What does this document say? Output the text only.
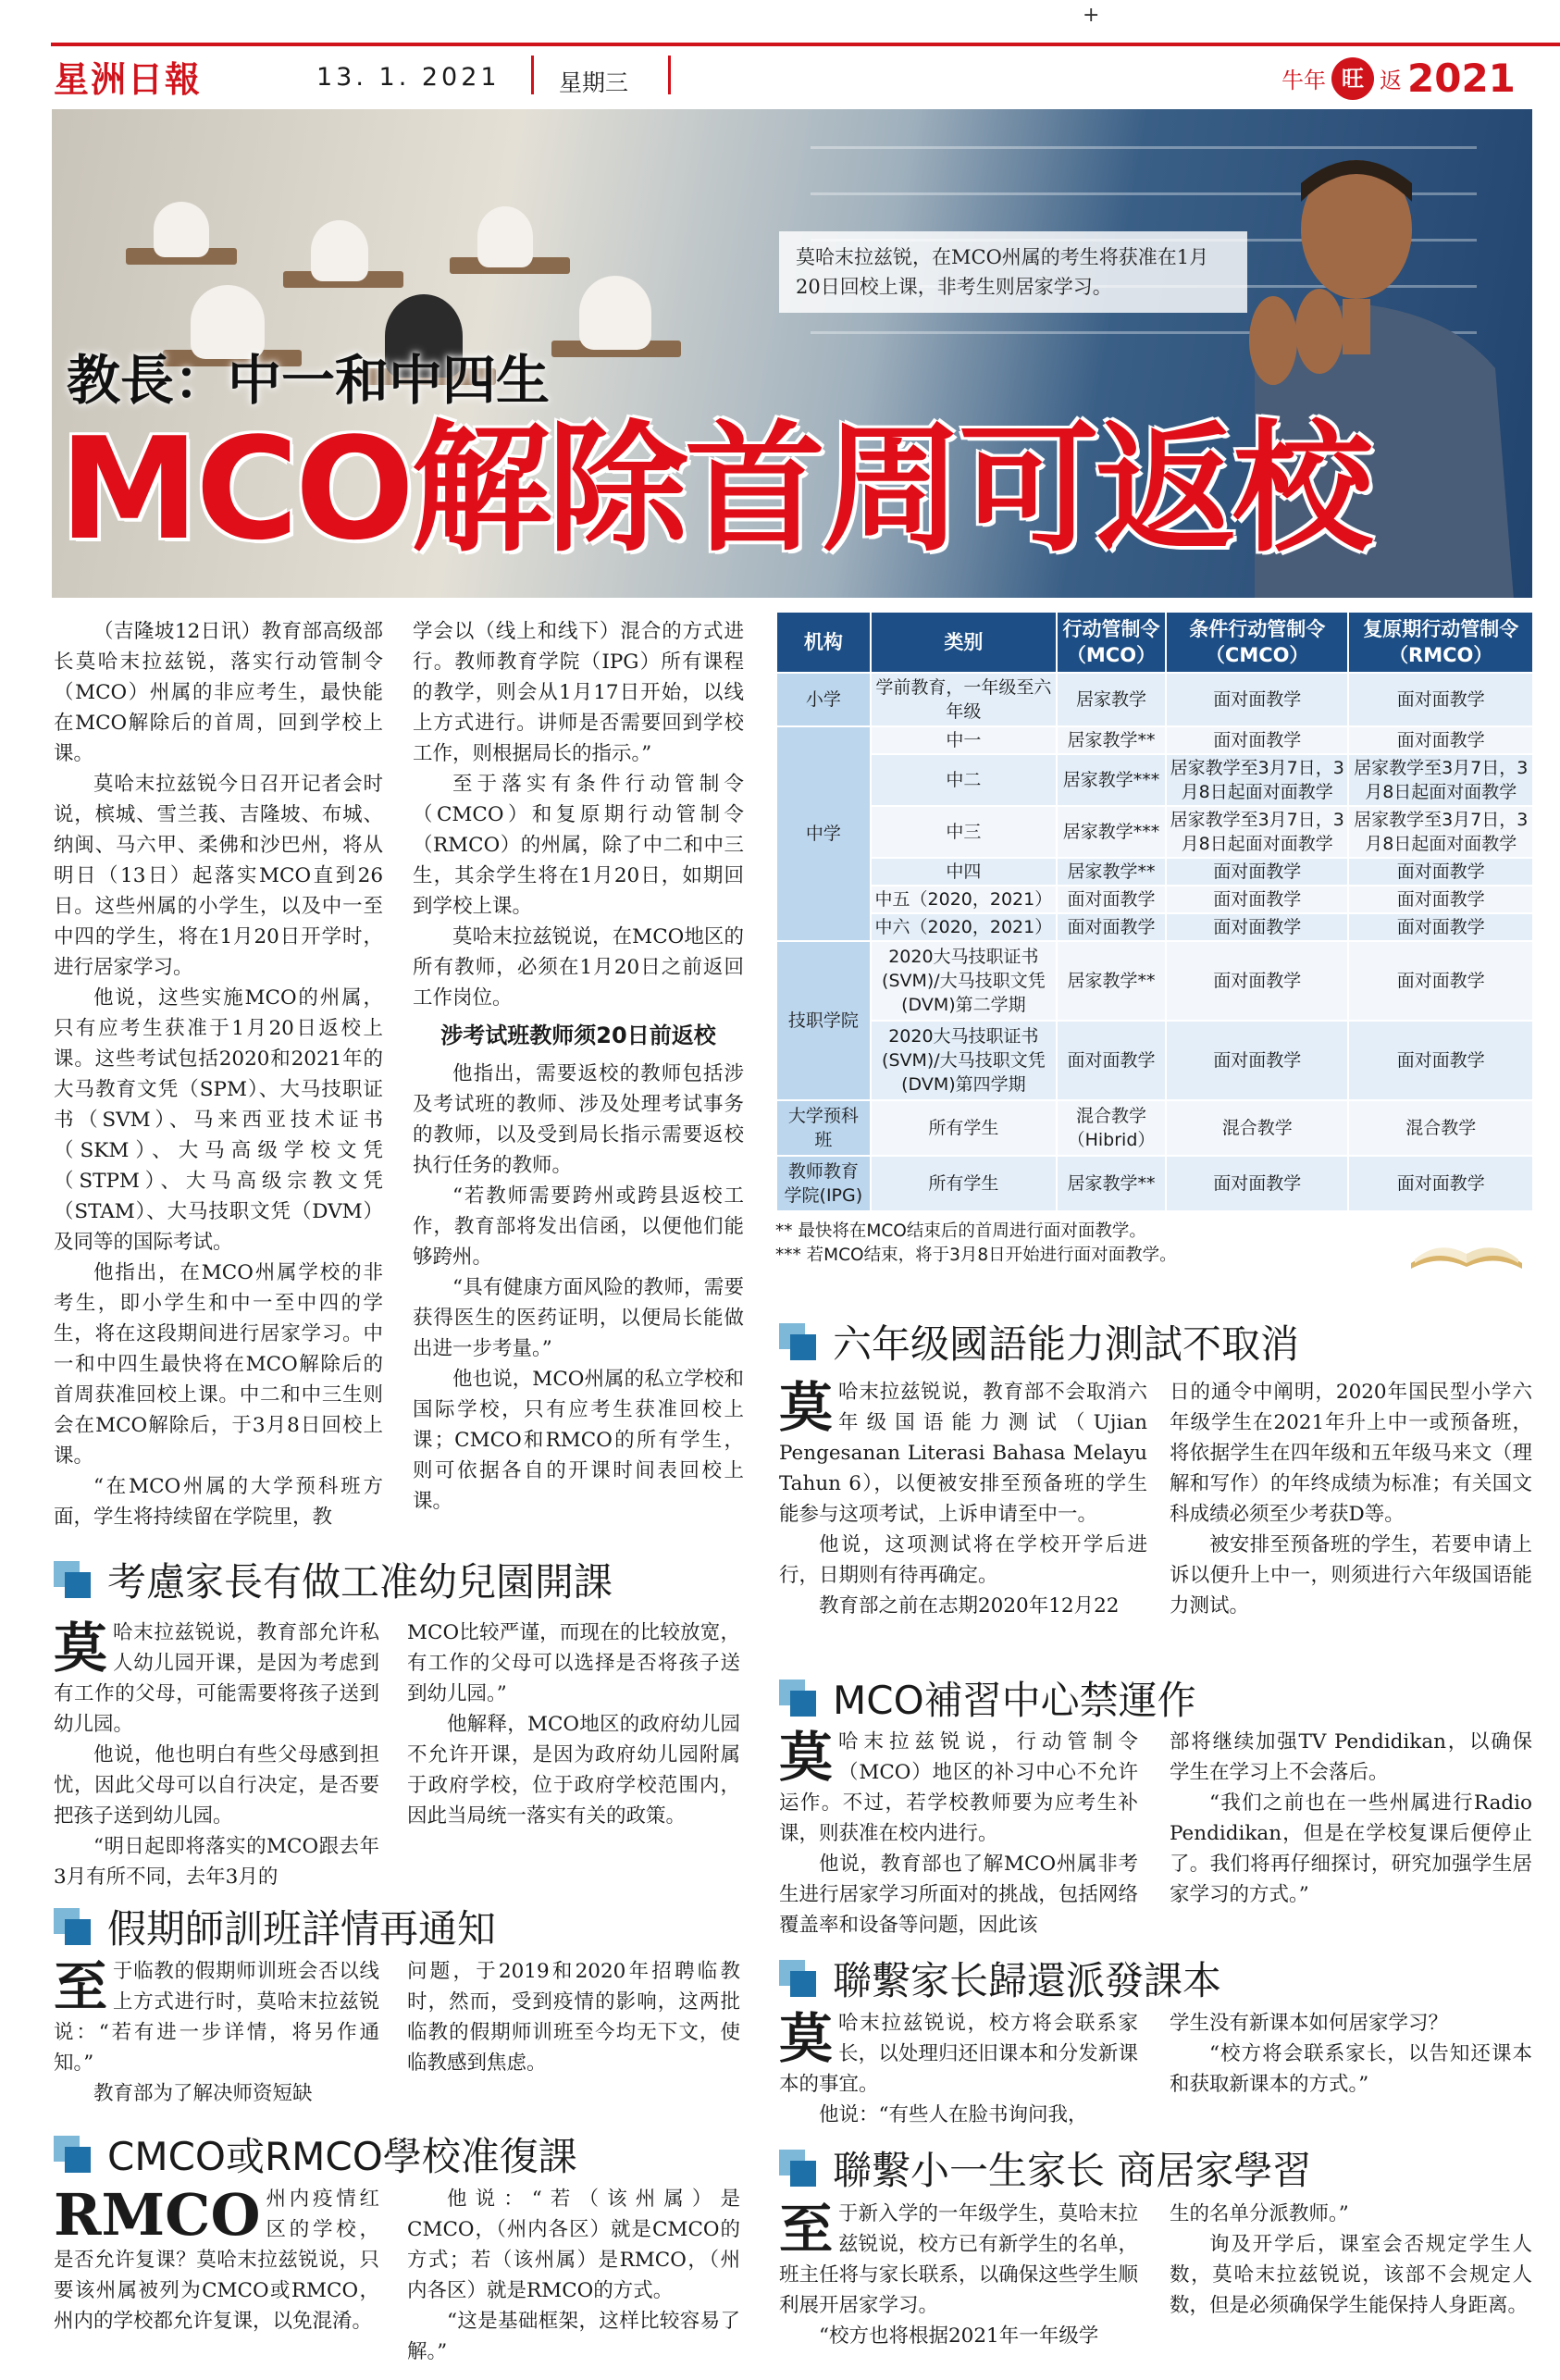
+
星洲日報	13. 1. 2021	星期三	牛年 旺 返 2021
莫哈末拉兹锐，在MCO州属的考生将获准在1月20日回校上课，非考生则居家学习。
教長：中一和中四生
MCO解除首周可返校

（吉隆坡12日讯）教育部高级部长莫哈末拉兹锐，落实行动管制令（MCO）州属的非应考生，最快能在MCO解除后的首周，回到学校上课。

莫哈末拉兹锐今日召开记者会时说，槟城、雪兰莪、吉隆坡、布城、纳闽、马六甲、柔佛和沙巴州，将从明日（13日）起落实MCO直到26日。这些州属的小学生，以及中一至中四的学生，将在1月20日开学时，进行居家学习。

他说，这些实施MCO的州属，只有应考生获准于1月20日返校上课。这些考试包括2020和2021年的大马教育文凭（SPM）、大马技职证书（SVM）、马来西亚技术证书（SKM）、大马高级学校文凭（STPM）、大马高级宗教文凭（STAM）、大马技职文凭（DVM）及同等的国际考试。

他指出，在MCO州属学校的非考生，即小学生和中一至中四的学生，将在这段期间进行居家学习。中一和中四生最快将在MCO解除后的首周获准回校上课。中二和中三生则会在MCO解除后，于3月8日回校上课。

“在MCO州属的大学预科班方面，学生将持续留在学院里，教

学会以（线上和线下）混合的方式进行。教师教育学院（IPG）所有课程的教学，则会从1月17日开始，以线上方式进行。讲师是否需要回到学校工作，则根据局长的指示。”

至于落实有条件行动管制令（CMCO）和复原期行动管制令（RMCO）的州属，除了中二和中三生，其余学生将在1月20日，如期回到学校上课。

莫哈末拉兹锐说，在MCO地区的所有教师，必须在1月20日之前返回工作岗位。

涉考试班教师须20日前返校

他指出，需要返校的教师包括涉及考试班的教师、涉及处理考试事务的教师，以及受到局长指示需要返校执行任务的教师。

“若教师需要跨州或跨县返校工作，教育部将发出信函，以便他们能够跨州。

“具有健康方面风险的教师，需要获得医生的医药证明，以便局长能做出进一步考量。”

他也说，MCO州属的私立学校和国际学校，只有应考生获准回校上课；CMCO和RMCO的所有学生，则可依据各自的开课时间表回校上课。

机构	类别	行动管制令（MCO）	条件行动管制令（CMCO）	复原期行动管制令（RMCO）
小学	学前教育，一年级至六年级	居家教学	面对面教学	面对面教学
中学	中一	居家教学**	面对面教学	面对面教学
	中二	居家教学***	居家教学至3月7日，3月8日起面对面教学	居家教学至3月7日，3月8日起面对面教学
	中三	居家教学***	居家教学至3月7日，3月8日起面对面教学	居家教学至3月7日，3月8日起面对面教学
	中四	居家教学**	面对面教学	面对面教学
	中五（2020，2021）	面对面教学	面对面教学	面对面教学
	中六（2020，2021）	面对面教学	面对面教学	面对面教学
技职学院	2020大马技职证书(SVM)/大马技职文凭(DVM)第二学期	居家教学**	面对面教学	面对面教学
	2020大马技职证书(SVM)/大马技职文凭(DVM)第四学期	面对面教学	面对面教学	面对面教学
大学预科班	所有学生	混合教学（Hibrid）	混合教学	混合教学
教师教育学院(IPG)	所有学生	居家教学**	面对面教学	面对面教学
** 最快将在MCO结束后的首周进行面对面教学。
*** 若MCO结束，将于3月8日开始进行面对面教学。
六年级國語能力測試不取消
考慮家長有做工准幼兒園開課
MCO補習中心禁運作
假期師訓班詳情再通知
聯繫家长歸還派發課本
CMCO或RMCO學校准復課	聯繫小一生家长 商居家學習

莫哈末拉兹锐说，教育部不会取消六年级国语能力测试（Ujian Pengesanan Literasi Bahasa Melayu Tahun 6），以便被安排至预备班的学生能参与这项考试，上诉申请至中一。

他说，这项测试将在学校开学后进行，日期则有待再确定。

教育部之前在志期2020年12月22

日的通令中阐明，2020年国民型小学六年级学生在2021年升上中一或预备班，将依据学生在四年级和五年级马来文（理解和写作）的年终成绩为标准；有关国文科成绩必须至少考获D等。

被安排至预备班的学生，若要申请上诉以便升上中一，则须进行六年级国语能力测试。

莫哈末拉兹锐说，教育部允许私人幼儿园开课，是因为考虑到有工作的父母，可能需要将孩子送到幼儿园。

他说，他也明白有些父母感到担忧，因此父母可以自行决定，是否要把孩子送到幼儿园。

“明日起即将落实的MCO跟去年3月有所不同，去年3月的

MCO比较严谨，而现在的比较放宽，有工作的父母可以选择是否将孩子送到幼儿园。”

他解释，MCO地区的政府幼儿园不允许开课，是因为政府幼儿园附属于政府学校，位于政府学校范围内，因此当局统一落实有关的政策。

莫哈末拉兹锐说，行动管制令（MCO）地区的补习中心不允许运作。不过，若学校教师要为应考生补课，则获准在校内进行。

他说，教育部也了解MCO州属非考生进行居家学习所面对的挑战，包括网络覆盖率和设备等问题，因此该

部将继续加强TV Pendidikan，以确保学生在学习上不会落后。

“我们之前也在一些州属进行Radio Pendidikan，但是在学校复课后便停止了。我们将再仔细探讨，研究加强学生居家学习的方式。”

至于临教的假期师训班会否以线上方式进行时，莫哈末拉兹锐说：“若有进一步详情，将另作通知。”

教育部为了解决师资短缺

问题，于2019和2020年招聘临教时，然而，受到疫情的影响，这两批临教的假期师训班至今均无下文，使临教感到焦虑。	莫哈末拉兹锐说，校方将会联系家长，以处理归还旧课本和分发新课本的事宜。

他说：“有些人在脸书询问我，

学生没有新课本如何居家学习？

“校方将会联系家长，以告知还课本和获取新课本的方式。”

RMCO 州内疫情红区的学校，是否允许复课？莫哈末拉兹锐说，只要该州属被列为CMCO或RMCO，州内的学校都允许复课，以免混淆。

他说：“若（该州属）是CMCO，（州内各区）就是CMCO的方式；若（该州属）是RMCO，（州内各区）就是RMCO的方式。

“这是基础框架，这样比较容易了解。”

至于新入学的一年级学生，莫哈末拉兹锐说，校方已有新学生的名单，班主任将与家长联系，以确保这些学生顺利展开居家学习。

“校方也将根据2021年一年级学

生的名单分派教师。”

询及开学后，课室会否规定学生人数，莫哈末拉兹锐说，该部不会规定人数，但是必须确保学生能保持人身距离。
